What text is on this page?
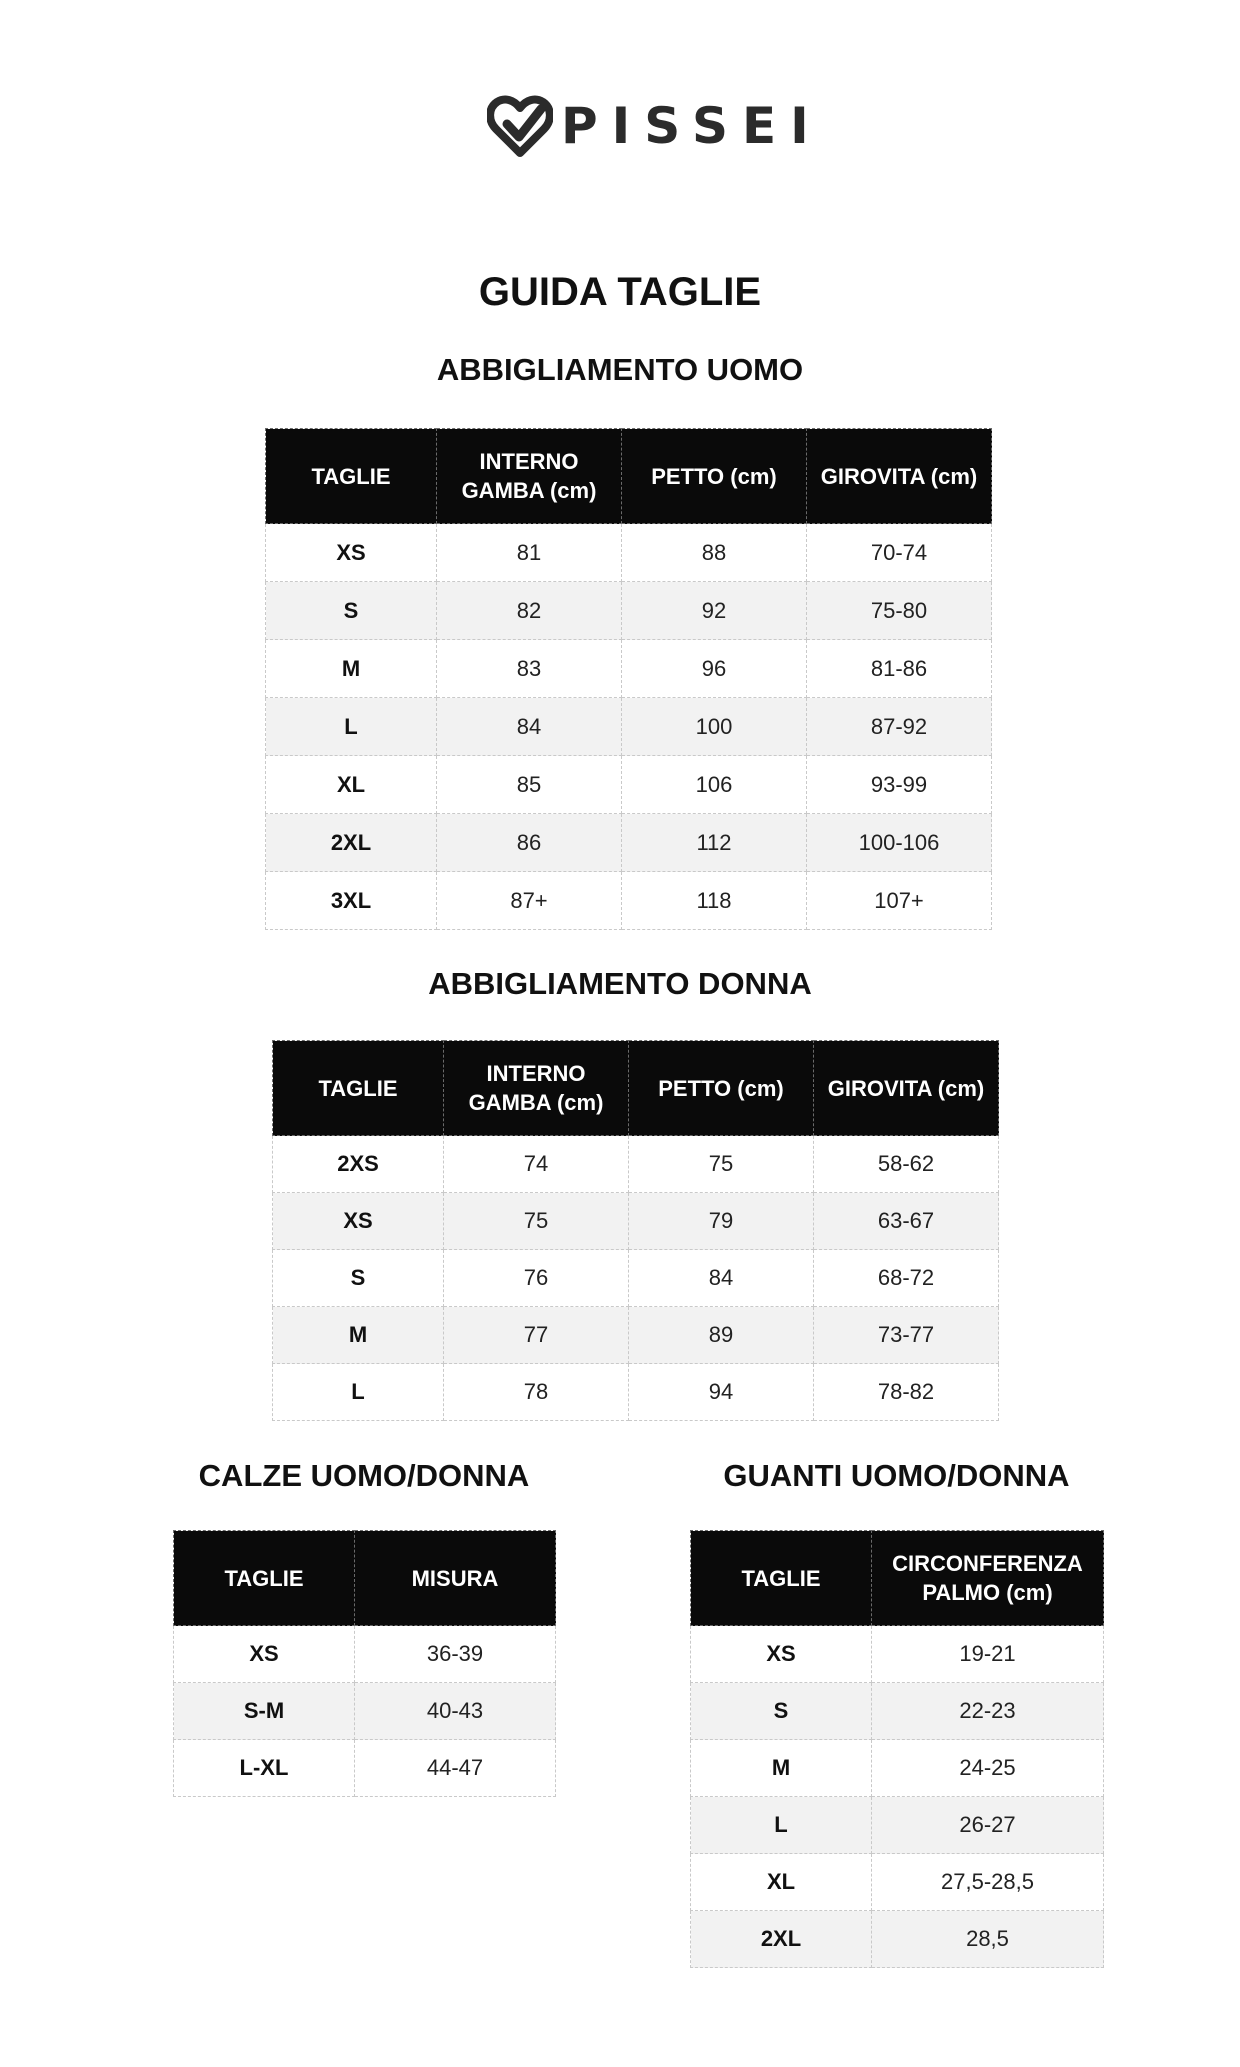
PISSEI
GUIDA TAGLIE
ABBIGLIAMENTO UOMO
TAGLIE	INTERNO GAMBA (cm)	PETTO (cm)	GIROVITA (cm)
XS	81	88	70-74
S	82	92	75-80
M	83	96	81-86
L	84	100	87-92
XL	85	106	93-99
2XL	86	112	100-106
3XL	87+	118	107+
ABBIGLIAMENTO DONNA
TAGLIE	INTERNO GAMBA (cm)	PETTO (cm)	GIROVITA (cm)
2XS	74	75	58-62
XS	75	79	63-67
S	76	84	68-72
M	77	89	73-77
L	78	94	78-82
CALZE UOMO/DONNA
TAGLIE	MISURA
XS	36-39
S-M	40-43
L-XL	44-47
GUANTI UOMO/DONNA
TAGLIE	CIRCONFERENZA PALMO (cm)
XS	19-21
S	22-23
M	24-25
L	26-27
XL	27,5-28,5
2XL	28,5
